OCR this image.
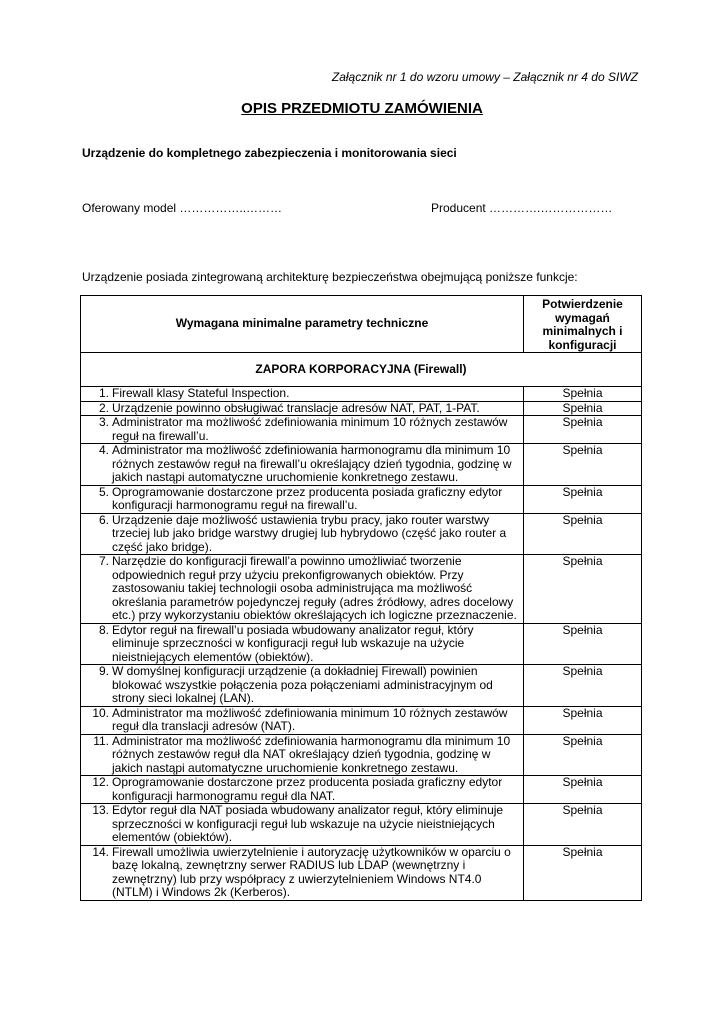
Załącznik nr 1 do wzoru umowy – Załącznik nr 4 do SIWZ
OPIS PRZEDMIOTU ZAMÓWIENIA
Urządzenie do kompletnego zabezpieczenia i monitorowania sieci
Oferowany model ……………..………	Producent ………….………………
Urządzenie posiada zintegrowaną architekturę bezpieczeństwa obejmującą poniższe funkcje:
Wymagana minimalne parametry techniczne	Potwierdzenie wymagań minimalnych i konfiguracji
ZAPORA KORPORACYJNA (Firewall)	

1. Firewall klasy Stateful Inspection.	Spełnia

2. Urządzenie powinno obsługiwać translacje adresów NAT, PAT, 1-PAT.	Spełnia

3. Administrator ma możliwość zdefiniowania minimum 10 różnych zestawów reguł na firewall’u.	Spełnia

4. Administrator ma możliwość zdefiniowania harmonogramu dla minimum 10 różnych zestawów reguł na firewall’u określający dzień tygodnia, godzinę w jakich nastąpi automatyczne uruchomienie konkretnego zestawu.	Spełnia

5. Oprogramowanie dostarczone przez producenta posiada graficzny edytor konfiguracji harmonogramu reguł na firewall’u.	Spełnia

6. Urządzenie daje możliwość ustawienia trybu pracy, jako router warstwy trzeciej lub jako bridge warstwy drugiej lub hybrydowo (część jako router a część jako bridge).	Spełnia

7. Narzędzie do konfiguracji firewall’a powinno umożliwiać tworzenie odpowiednich reguł przy użyciu prekonfigrowanych obiektów. Przy zastosowaniu takiej technologii osoba administrująca ma możliwość określania parametrów pojedynczej reguły (adres źródłowy, adres docelowy etc.) przy wykorzystaniu obiektów określających ich logiczne przeznaczenie.	Spełnia

8. Edytor reguł na firewall’u posiada wbudowany analizator reguł, który eliminuje sprzeczności w konfiguracji reguł lub wskazuje na użycie nieistniejących elementów (obiektów).	Spełnia

9. W domyślnej konfiguracji urządzenie (a dokładniej Firewall) powinien blokować wszystkie połączenia poza połączeniami administracyjnym od strony sieci lokalnej (LAN).	Spełnia

10. Administrator ma możliwość zdefiniowania minimum 10 różnych zestawów reguł dla translacji adresów (NAT).	Spełnia

11. Administrator ma możliwość zdefiniowania harmonogramu dla minimum 10 różnych zestawów reguł dla NAT określający dzień tygodnia, godzinę w jakich nastąpi automatyczne uruchomienie konkretnego zestawu.	Spełnia

12. Oprogramowanie dostarczone przez producenta posiada graficzny edytor konfiguracji harmonogramu reguł dla NAT.	Spełnia

13. Edytor reguł dla NAT posiada wbudowany analizator reguł, który eliminuje sprzeczności w konfiguracji reguł lub wskazuje na użycie nieistniejących elementów (obiektów).	Spełnia

14. Firewall umożliwia uwierzytelnienie i autoryzację użytkowników w oparciu o bazę lokalną, zewnętrzny serwer RADIUS lub LDAP (wewnętrzny i zewnętrzny) lub przy współpracy z uwierzytelnieniem Windows NT4.0 (NTLM) i Windows 2k (Kerberos).	Spełnia
